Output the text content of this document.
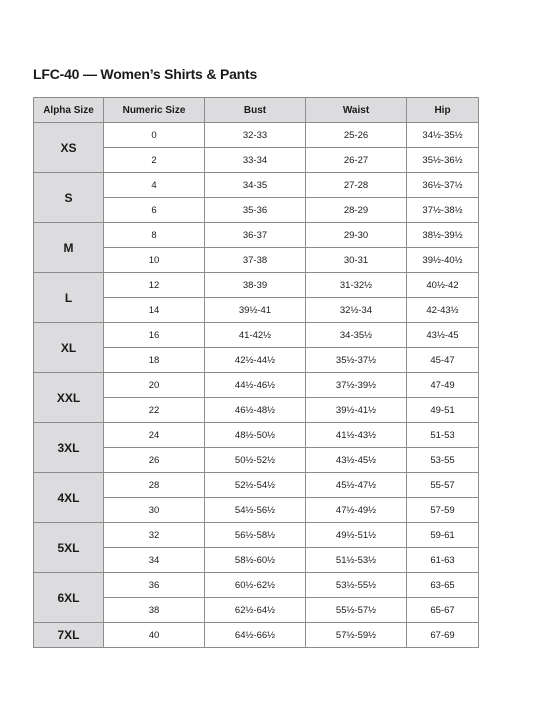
LFC-40 — Women’s Shirts & Pants
Alpha Size	Numeric Size	Bust	Waist	Hip
XS	0	32-33	25-26	34½-35½
	2	33-34	26-27	35½-36½
S	4	34-35	27-28	36½-37½
	6	35-36	28-29	37½-38½
M	8	36-37	29-30	38½-39½
	10	37-38	30-31	39½-40½
L	12	38-39	31-32½	40½-42
	14	39½-41	32½-34	42-43½
XL	16	41-42½	34-35½	43½-45
	18	42½-44½	35½-37½	45-47
XXL	20	44½-46½	37½-39½	47-49
	22	46½-48½	39½-41½	49-51
3XL	24	48½-50½	41½-43½	51-53
	26	50½-52½	43½-45½	53-55
4XL	28	52½-54½	45½-47½	55-57
	30	54½-56½	47½-49½	57-59
5XL	32	56½-58½	49½-51½	59-61
	34	58½-60½	51½-53½	61-63
6XL	36	60½-62½	53½-55½	63-65
	38	62½-64½	55½-57½	65-67
7XL	40	64½-66½	57½-59½	67-69
